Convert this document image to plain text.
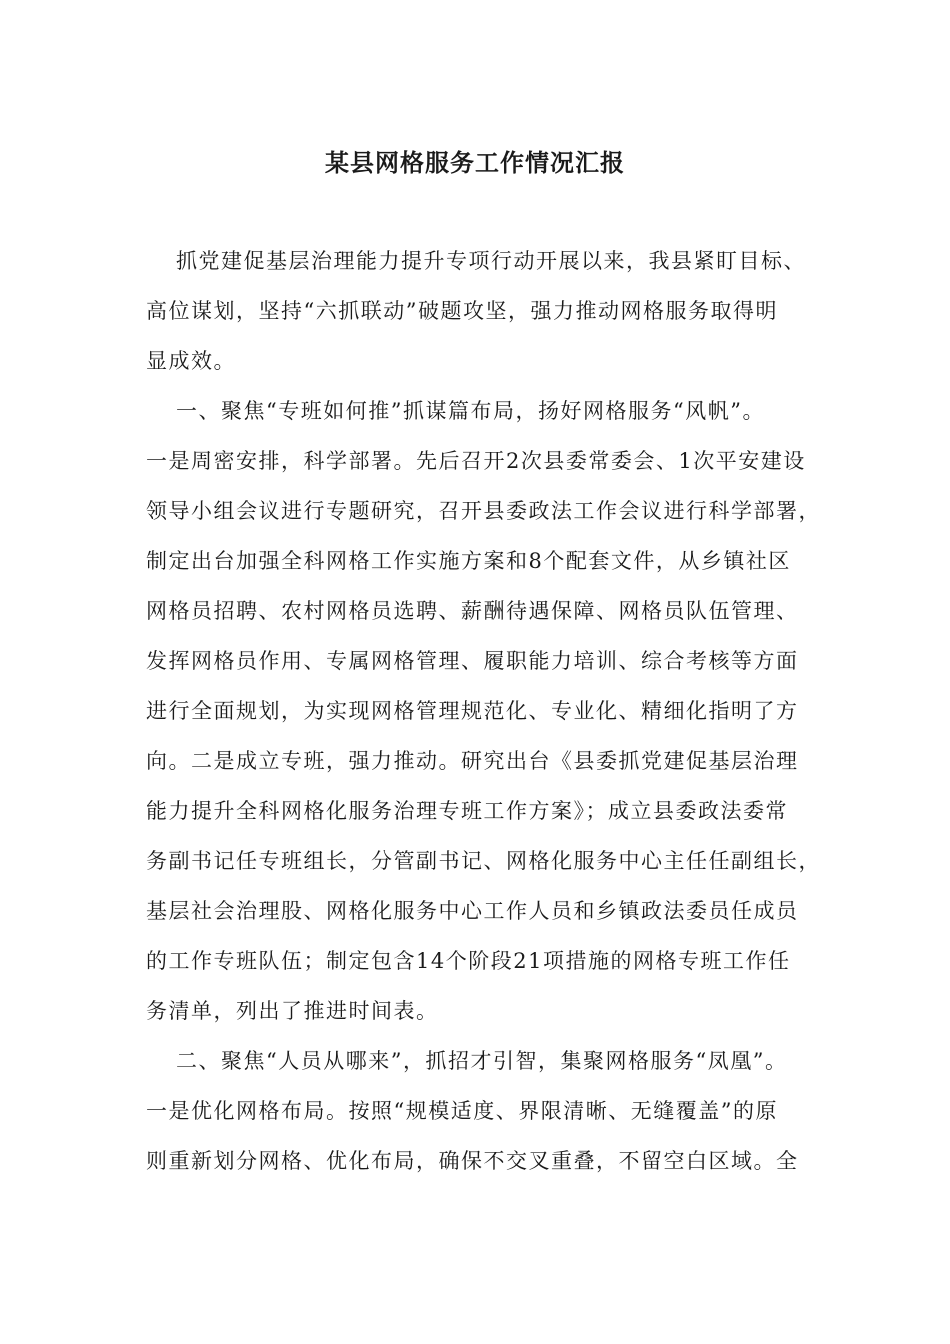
某县网格服务工作情况汇报
抓党建促基层治理能力提升专项行动开展以来，我县紧盯目标、
高位谋划，坚持“六抓联动”破题攻坚，强力推动网格服务取得明
显成效。
一、聚焦“专班如何推”抓谋篇布局，扬好网格服务“风帆”。
一是周密安排，科学部署。先后召开2次县委常委会、1次平安建设
领导小组会议进行专题研究，召开县委政法工作会议进行科学部署，
制定出台加强全科网格工作实施方案和8个配套文件，从乡镇社区
网格员招聘、农村网格员选聘、薪酬待遇保障、网格员队伍管理、
发挥网格员作用、专属网格管理、履职能力培训、综合考核等方面
进行全面规划，为实现网格管理规范化、专业化、精细化指明了方
向。二是成立专班，强力推动。研究出台《县委抓党建促基层治理
能力提升全科网格化服务治理专班工作方案》；成立县委政法委常
务副书记任专班组长，分管副书记、网格化服务中心主任任副组长，
基层社会治理股、网格化服务中心工作人员和乡镇政法委员任成员
的工作专班队伍；制定包含14个阶段21项措施的网格专班工作任
务清单，列出了推进时间表。
二、聚焦“人员从哪来”，抓招才引智，集聚网格服务“凤凰”。
一是优化网格布局。按照“规模适度、界限清晰、无缝覆盖”的原
则重新划分网格、优化布局，确保不交叉重叠，不留空白区域。全
